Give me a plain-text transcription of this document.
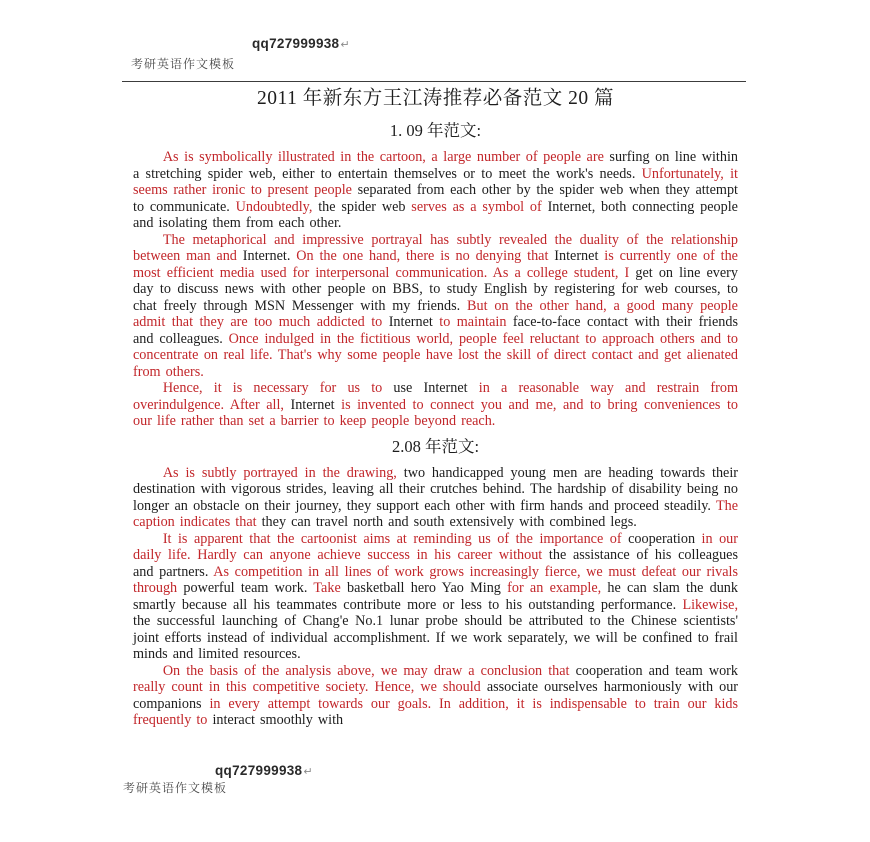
qq727999938↵
考研英语作文模板
2011 年新东方王江涛推荐必备范文 20 篇
1. 09 年范文:

As is symbolically illustrated in the cartoon, a large number of people are surfing on line within a stretching spider web, either to entertain themselves or to meet the work's needs. Unfortunately, it seems rather ironic to present people separated from each other by the spider web when they attempt to communicate. Undoubtedly, the spider web serves as a symbol of Internet, both connecting people and isolating them from each other.

The metaphorical and impressive portrayal has subtly revealed the duality of the relationship between man and Internet. On the one hand, there is no denying that Internet is currently one of the most efficient media used for interpersonal communication. As a college student, I get on line every day to discuss news with other people on BBS, to study English by registering for web courses, to chat freely through MSN Messenger with my friends. But on the other hand, a good many people admit that they are too much addicted to Internet to maintain face-to-face contact with their friends and colleagues. Once indulged in the fictitious world, people feel reluctant to approach others and to concentrate on real life. That's why some people have lost the skill of direct contact and get alienated from others.

Hence, it is necessary for us to use Internet in a reasonable way and restrain from overindulgence. After all, Internet is invented to connect you and me, and to bring conveniences to our life rather than set a barrier to keep people beyond reach.

2.08 年范文:

As is subtly portrayed in the drawing, two handicapped young men are heading towards their destination with vigorous strides, leaving all their crutches behind. The hardship of disability being no longer an obstacle on their journey, they support each other with firm hands and proceed steadily. The caption indicates that they can travel north and south extensively with combined legs.

It is apparent that the cartoonist aims at reminding us of the importance of cooperation in our daily life. Hardly can anyone achieve success in his career without the assistance of his colleagues and partners. As competition in all lines of work grows increasingly fierce, we must defeat our rivals through powerful team work. Take basketball hero Yao Ming for an example, he can slam the dunk smartly because all his teammates contribute more or less to his outstanding performance. Likewise, the successful launching of Chang'e No.1 lunar probe should be attributed to the Chinese scientists' joint efforts instead of individual accomplishment. If we work separately, we will be confined to frail minds and limited resources.

On the basis of the analysis above, we may draw a conclusion that cooperation and team work really count in this competitive society. Hence, we should associate ourselves harmoniously with our companions in every attempt towards our goals. In addition, it is indispensable to train our kids frequently to interact smoothly with

qq727999938↵
考研英语作文模板
